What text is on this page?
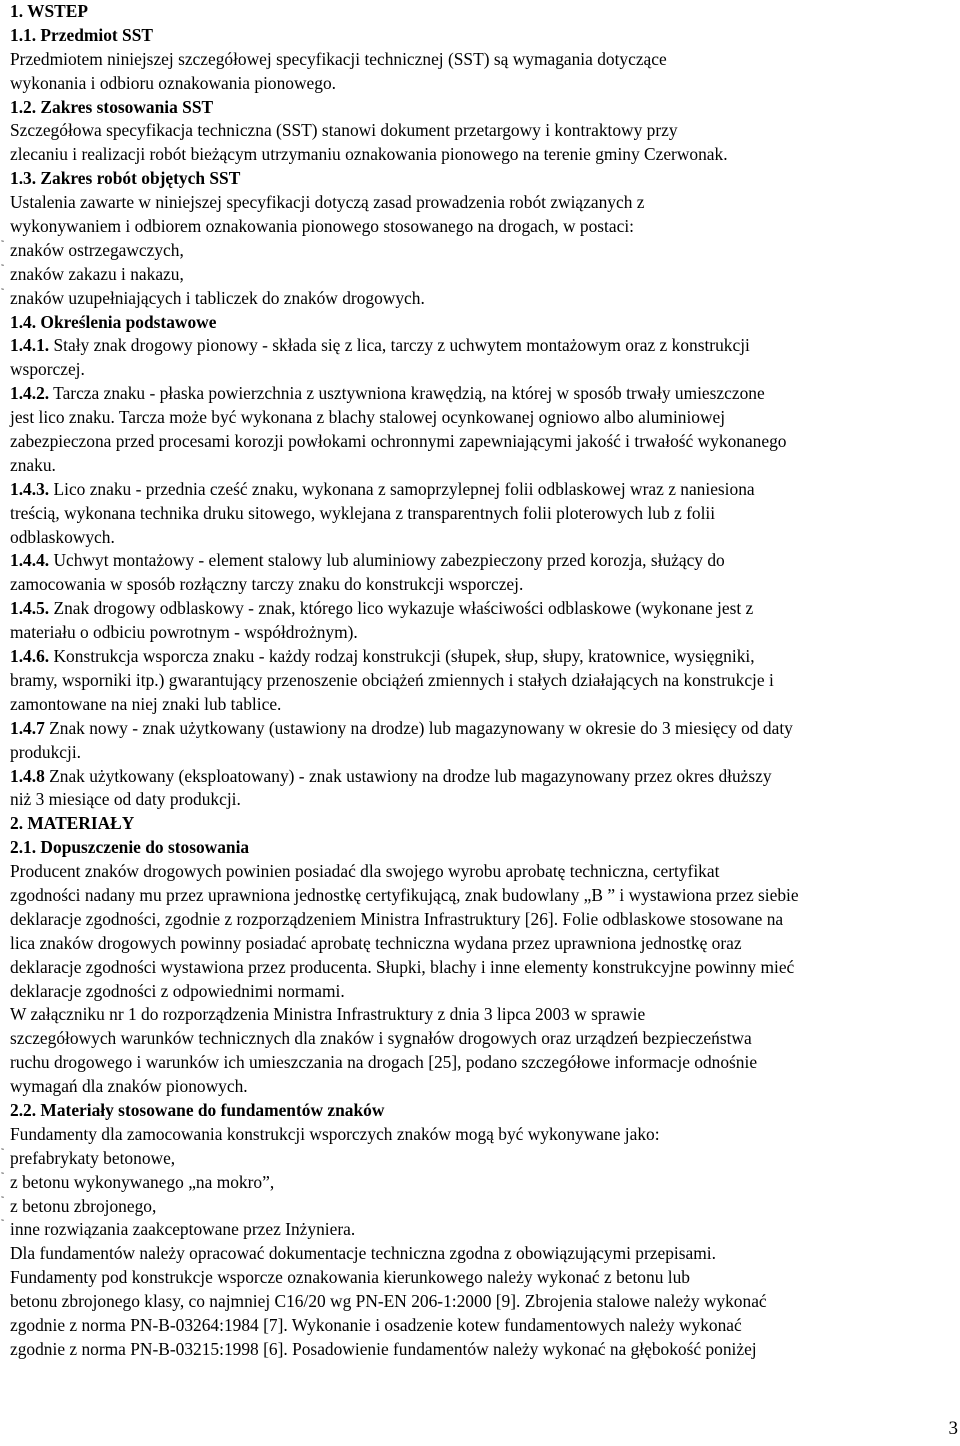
1. WSTEP
1.1. Przedmiot SST
Przedmiotem niniejszej szczegółowej specyfikacji technicznej (SST) są wymagania dotyczące
wykonania i odbioru oznakowania pionowego.
1.2. Zakres stosowania SST
Szczegółowa specyfikacja techniczna (SST) stanowi dokument przetargowy i kontraktowy przy
zlecaniu i realizacji robót bieżącym utrzymaniu oznakowania pionowego na terenie gminy Czerwonak.
1.3. Zakres robót objętych SST
Ustalenia zawarte w niniejszej specyfikacji dotyczą zasad prowadzenia robót związanych z
wykonywaniem i odbiorem oznakowania pionowego stosowanego na drogach, w postaci:
˜ znaków ostrzegawczych,
˜ znaków zakazu i nakazu,
˜ znaków uzupełniających i tabliczek do znaków drogowych.
1.4. Określenia podstawowe
1.4.1. Stały znak drogowy pionowy - składa się z lica, tarczy z uchwytem montażowym oraz z konstrukcji
wsporczej.
1.4.2. Tarcza znaku - płaska powierzchnia z usztywniona krawędzią, na której w sposób trwały umieszczone
jest lico znaku. Tarcza może być wykonana z blachy stalowej ocynkowanej ogniowo albo aluminiowej
zabezpieczona przed procesami korozji powłokami ochronnymi zapewniającymi jakość i trwałość wykonanego
znaku.
1.4.3. Lico znaku - przednia cześć znaku, wykonana z samoprzylepnej folii odblaskowej wraz z naniesiona
treścią, wykonana technika druku sitowego, wyklejana z transparentnych folii ploterowych lub z folii
odblaskowych.
1.4.4. Uchwyt montażowy - element stalowy lub aluminiowy zabezpieczony przed korozja, służący do
zamocowania w sposób rozłączny tarczy znaku do konstrukcji wsporczej.
1.4.5. Znak drogowy odblaskowy - znak, którego lico wykazuje właściwości odblaskowe (wykonane jest z
materiału o odbiciu powrotnym - współdrożnym).
1.4.6. Konstrukcja wsporcza znaku - każdy rodzaj konstrukcji (słupek, słup, słupy, kratownice, wysięgniki,
bramy, wsporniki itp.) gwarantujący przenoszenie obciążeń zmiennych i stałych działających na konstrukcje i
zamontowane na niej znaki lub tablice.
1.4.7 Znak nowy - znak użytkowany (ustawiony na drodze) lub magazynowany w okresie do 3 miesięcy od daty
produkcji.
1.4.8 Znak użytkowany (eksploatowany) - znak ustawiony na drodze lub magazynowany przez okres dłuższy
niż 3 miesiące od daty produkcji.
2. MATERIAŁY
2.1. Dopuszczenie do stosowania
Producent znaków drogowych powinien posiadać dla swojego wyrobu aprobatę techniczna, certyfikat
zgodności nadany mu przez uprawniona jednostkę certyfikującą, znak budowlany „B ” i wystawiona przez siebie
deklaracje zgodności, zgodnie z rozporządzeniem Ministra Infrastruktury [26]. Folie odblaskowe stosowane na
lica znaków drogowych powinny posiadać aprobatę techniczna wydana przez uprawniona jednostkę oraz
deklaracje zgodności wystawiona przez producenta. Słupki, blachy i inne elementy konstrukcyjne powinny mieć
deklaracje zgodności z odpowiednimi normami.
W załączniku nr 1 do rozporządzenia Ministra Infrastruktury z dnia 3 lipca 2003 w sprawie
szczegółowych warunków technicznych dla znaków i sygnałów drogowych oraz urządzeń bezpieczeństwa
ruchu drogowego i warunków ich umieszczania na drogach [25], podano szczegółowe informacje odnośnie
wymagań dla znaków pionowych.
2.2. Materiały stosowane do fundamentów znaków
Fundamenty dla zamocowania konstrukcji wsporczych znaków mogą być wykonywane jako:
˜ prefabrykaty betonowe,
˜ z betonu wykonywanego „na mokro”,
˜ z betonu zbrojonego,
˜ inne rozwiązania zaakceptowane przez Inżyniera.
Dla fundamentów należy opracować dokumentacje techniczna zgodna z obowiązującymi przepisami.
Fundamenty pod konstrukcje wsporcze oznakowania kierunkowego należy wykonać z betonu lub
betonu zbrojonego klasy, co najmniej C16/20 wg PN-EN 206-1:2000 [9]. Zbrojenia stalowe należy wykonać
zgodnie z norma PN-B-03264:1984 [7]. Wykonanie i osadzenie kotew fundamentowych należy wykonać
zgodnie z norma PN-B-03215:1998 [6]. Posadowienie fundamentów należy wykonać na głębokość poniżej
3
